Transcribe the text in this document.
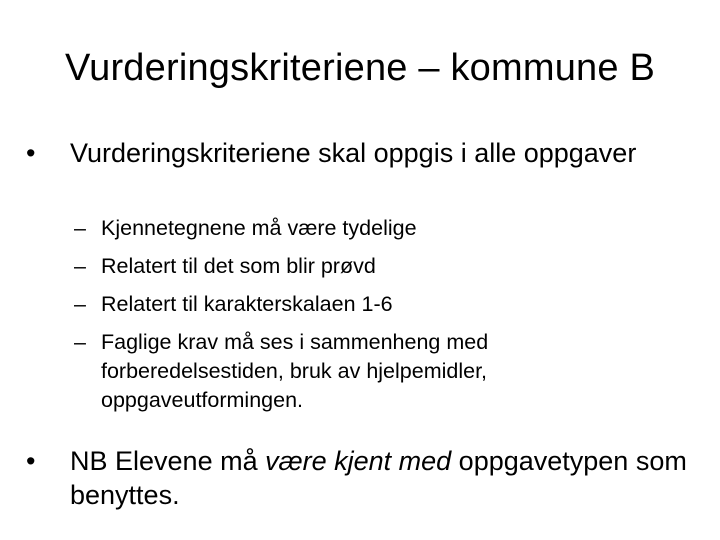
Vurderingskriteriene – kommune B
• Vurderingskriteriene skal oppgis i alle oppgaver
– Kjennetegnene må være tydelige
– Relatert til det som blir prøvd
– Relatert til karakterskalaen 1-6
– Faglige krav må ses i sammenheng med forberedelsestiden, bruk av hjelpemidler, oppgaveutformingen.
• NB Elevene må være kjent med oppgavetypen som benyttes.
